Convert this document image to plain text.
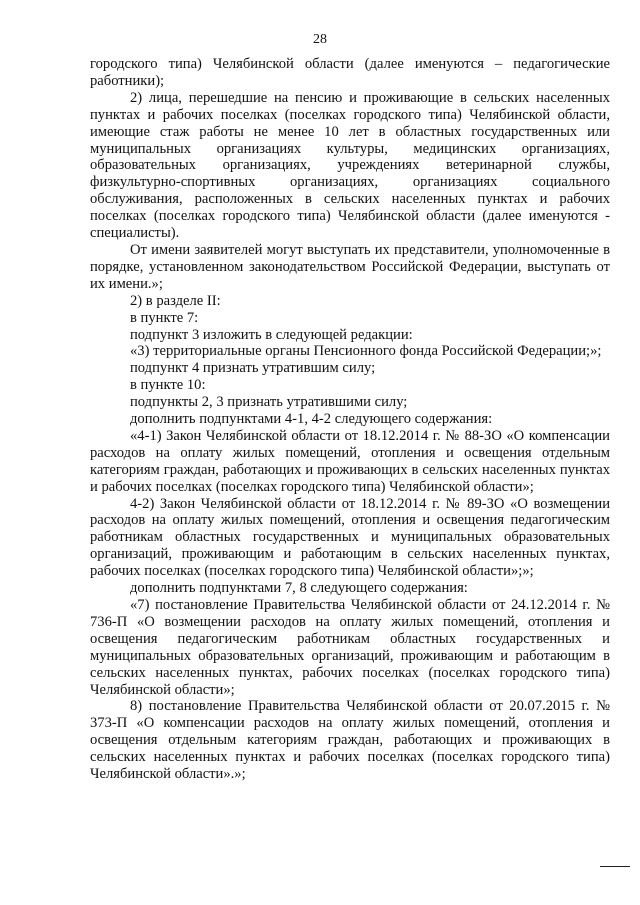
28

городского типа) Челябинской области (далее именуются – педагогические работники);

2) лица, перешедшие на пенсию и проживающие в сельских населенных пунктах и рабочих поселках (поселках городского типа) Челябинской области, имеющие стаж работы не менее 10 лет в областных государственных или муниципальных организациях культуры, медицинских организациях, образовательных организациях, учреждениях ветеринарной службы, физкультурно-спортивных организациях, организациях социального обслуживания, расположенных в сельских населенных пунктах и рабочих поселках (поселках городского типа) Челябинской области (далее именуются - специалисты).

От имени заявителей могут выступать их представители, уполномоченные в порядке, установленном законодательством Российской Федерации, выступать от их имени.»;

2) в разделе II:

в пункте 7:

подпункт 3 изложить в следующей редакции:

«3) территориальные органы Пенсионного фонда Российской Федерации;»;

подпункт 4 признать утратившим силу;

в пункте 10:

подпункты 2, 3 признать утратившими силу;

дополнить подпунктами 4-1, 4-2 следующего содержания:

«4-1) Закон Челябинской области от 18.12.2014 г. № 88-ЗО «О компенсации расходов на оплату жилых помещений, отопления и освещения отдельным категориям граждан, работающих и проживающих в сельских населенных пунктах и рабочих поселках (поселках городского типа) Челябинской области»;

4-2) Закон Челябинской области от 18.12.2014 г. № 89-ЗО «О возмещении расходов на оплату жилых помещений, отопления и освещения педагогическим работникам областных государственных и муниципальных образовательных организаций, проживающим и работающим в сельских населенных пунктах, рабочих поселках (поселках городского типа) Челябинской области»;»;

дополнить подпунктами 7, 8 следующего содержания:

«7) постановление Правительства Челябинской области от 24.12.2014 г. № 736-П «О возмещении расходов на оплату жилых помещений, отопления и освещения педагогическим работникам областных государственных и муниципальных образовательных организаций, проживающим и работающим в сельских населенных пунктах, рабочих поселках (поселках городского типа) Челябинской области»;

8) постановление Правительства Челябинской области от 20.07.2015 г. № 373-П «О компенсации расходов на оплату жилых помещений, отопления и освещения отдельным категориям граждан, работающих и проживающих в сельских населенных пунктах и рабочих поселках (поселках городского типа) Челябинской области».»;
